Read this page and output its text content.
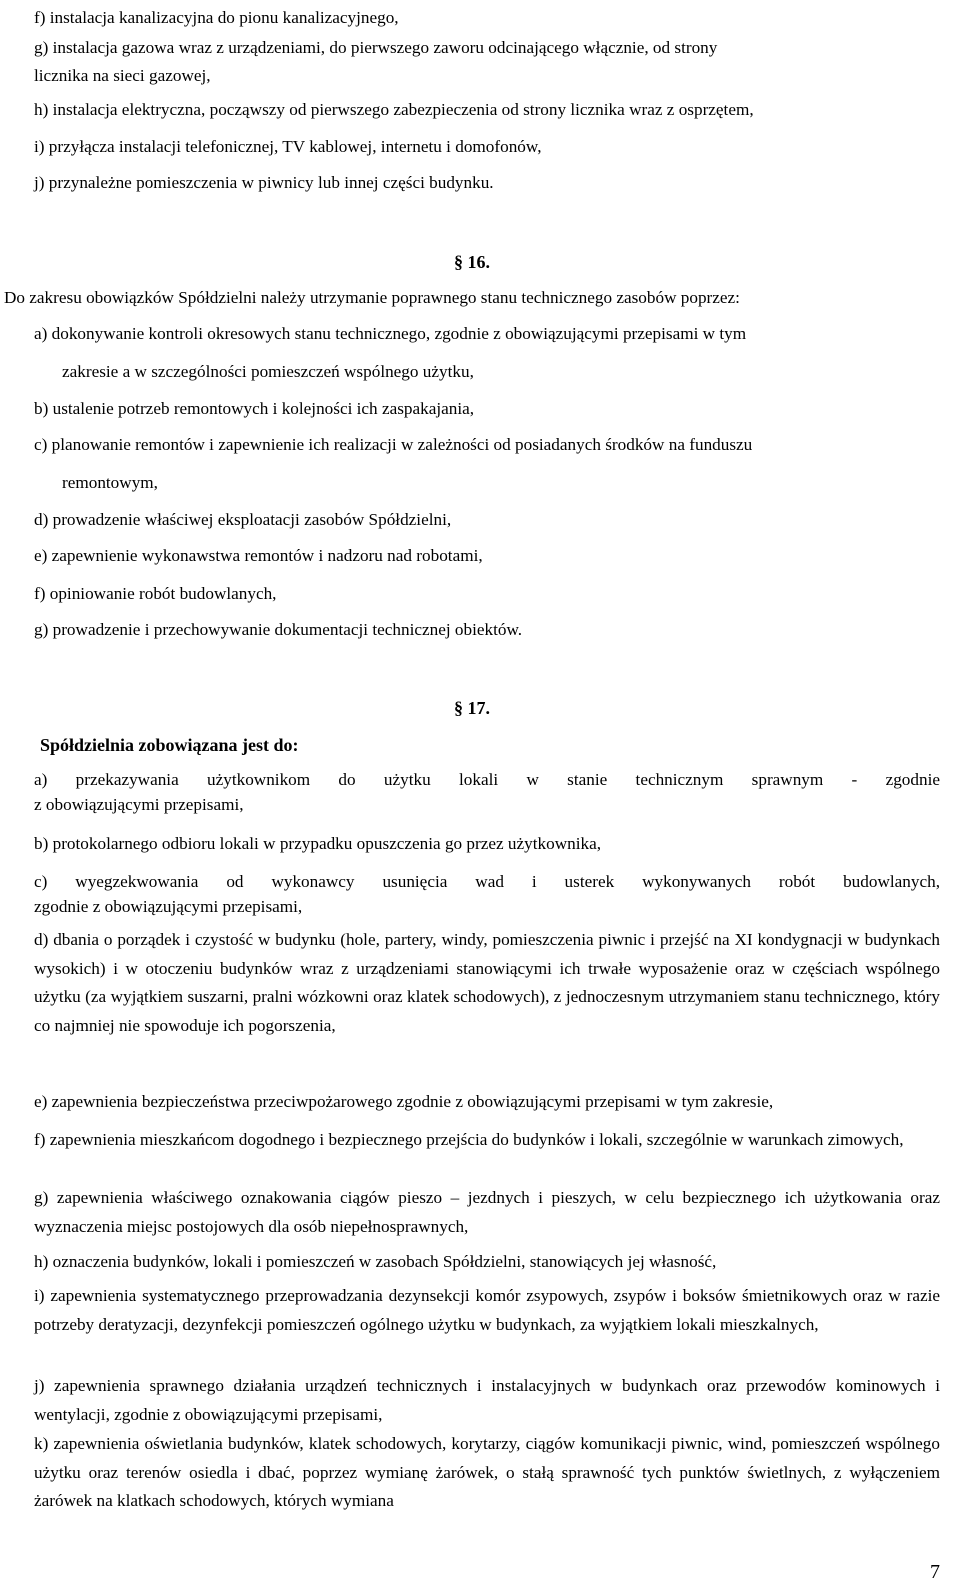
f) instalacja kanalizacyjna do pionu kanalizacyjnego,
g) instalacja gazowa wraz z urządzeniami, do pierwszego zaworu odcinającego włącznie, od strony
licznika na sieci gazowej,
h) instalacja elektryczna, począwszy od pierwszego zabezpieczenia od strony licznika wraz z osprzętem,
i) przyłącza instalacji telefonicznej, TV kablowej, internetu i domofonów,
j) przynależne pomieszczenia w piwnicy lub innej części budynku.
§ 16.
Do zakresu obowiązków Spółdzielni należy utrzymanie poprawnego stanu technicznego zasobów poprzez:
a) dokonywanie kontroli okresowych stanu technicznego, zgodnie z obowiązującymi przepisami w tym
zakresie a w szczególności pomieszczeń wspólnego użytku,
b) ustalenie potrzeb remontowych i kolejności ich zaspakajania,
c) planowanie remontów i zapewnienie ich realizacji w zależności od posiadanych środków na funduszu
remontowym,
d) prowadzenie właściwej eksploatacji zasobów Spółdzielni,
e) zapewnienie wykonawstwa remontów i nadzoru nad robotami,
f) opiniowanie robót budowlanych,
g) prowadzenie i przechowywanie dokumentacji technicznej obiektów.
§ 17.
Spółdzielnia zobowiązana jest do:
a) przekazywania użytkownikom do użytku lokali w stanie technicznym sprawnym - zgodnie
z obowiązującymi przepisami,
b) protokolarnego odbioru lokali w przypadku opuszczenia go przez użytkownika,
c) wyegzekwowania od wykonawcy usunięcia wad i usterek wykonywanych robót budowlanych,
zgodnie z obowiązującymi przepisami,
d) dbania o porządek i czystość w budynku (hole, partery, windy, pomieszczenia piwnic i przejść na XI kondygnacji w budynkach wysokich) i w otoczeniu budynków wraz z urządzeniami stanowiącymi ich trwałe wyposażenie oraz w częściach wspólnego użytku (za wyjątkiem suszarni, pralni wózkowni oraz klatek schodowych), z jednoczesnym utrzymaniem stanu technicznego, który co najmniej nie spowoduje ich pogorszenia,
e) zapewnienia bezpieczeństwa przeciwpożarowego zgodnie z obowiązującymi przepisami w tym zakresie,
f) zapewnienia mieszkańcom dogodnego i bezpiecznego przejścia do budynków i lokali, szczególnie w warunkach zimowych,
g) zapewnienia właściwego oznakowania ciągów pieszo – jezdnych i pieszych, w celu bezpiecznego ich użytkowania oraz wyznaczenia miejsc postojowych dla osób niepełnosprawnych,
h) oznaczenia budynków, lokali i pomieszczeń w zasobach Spółdzielni, stanowiących jej własność,
i) zapewnienia systematycznego przeprowadzania dezynsekcji komór zsypowych, zsypów i boksów śmietnikowych oraz w razie potrzeby deratyzacji, dezynfekcji pomieszczeń ogólnego użytku w budynkach, za wyjątkiem lokali mieszkalnych,
j) zapewnienia sprawnego działania urządzeń technicznych i instalacyjnych w budynkach oraz przewodów kominowych i wentylacji, zgodnie z obowiązującymi przepisami,
k) zapewnienia oświetlania budynków, klatek schodowych, korytarzy, ciągów komunikacji piwnic, wind, pomieszczeń wspólnego użytku oraz terenów osiedla i dbać, poprzez wymianę żarówek, o stałą sprawność tych punktów świetlnych, z wyłączeniem żarówek na klatkach schodowych, których wymiana
7
